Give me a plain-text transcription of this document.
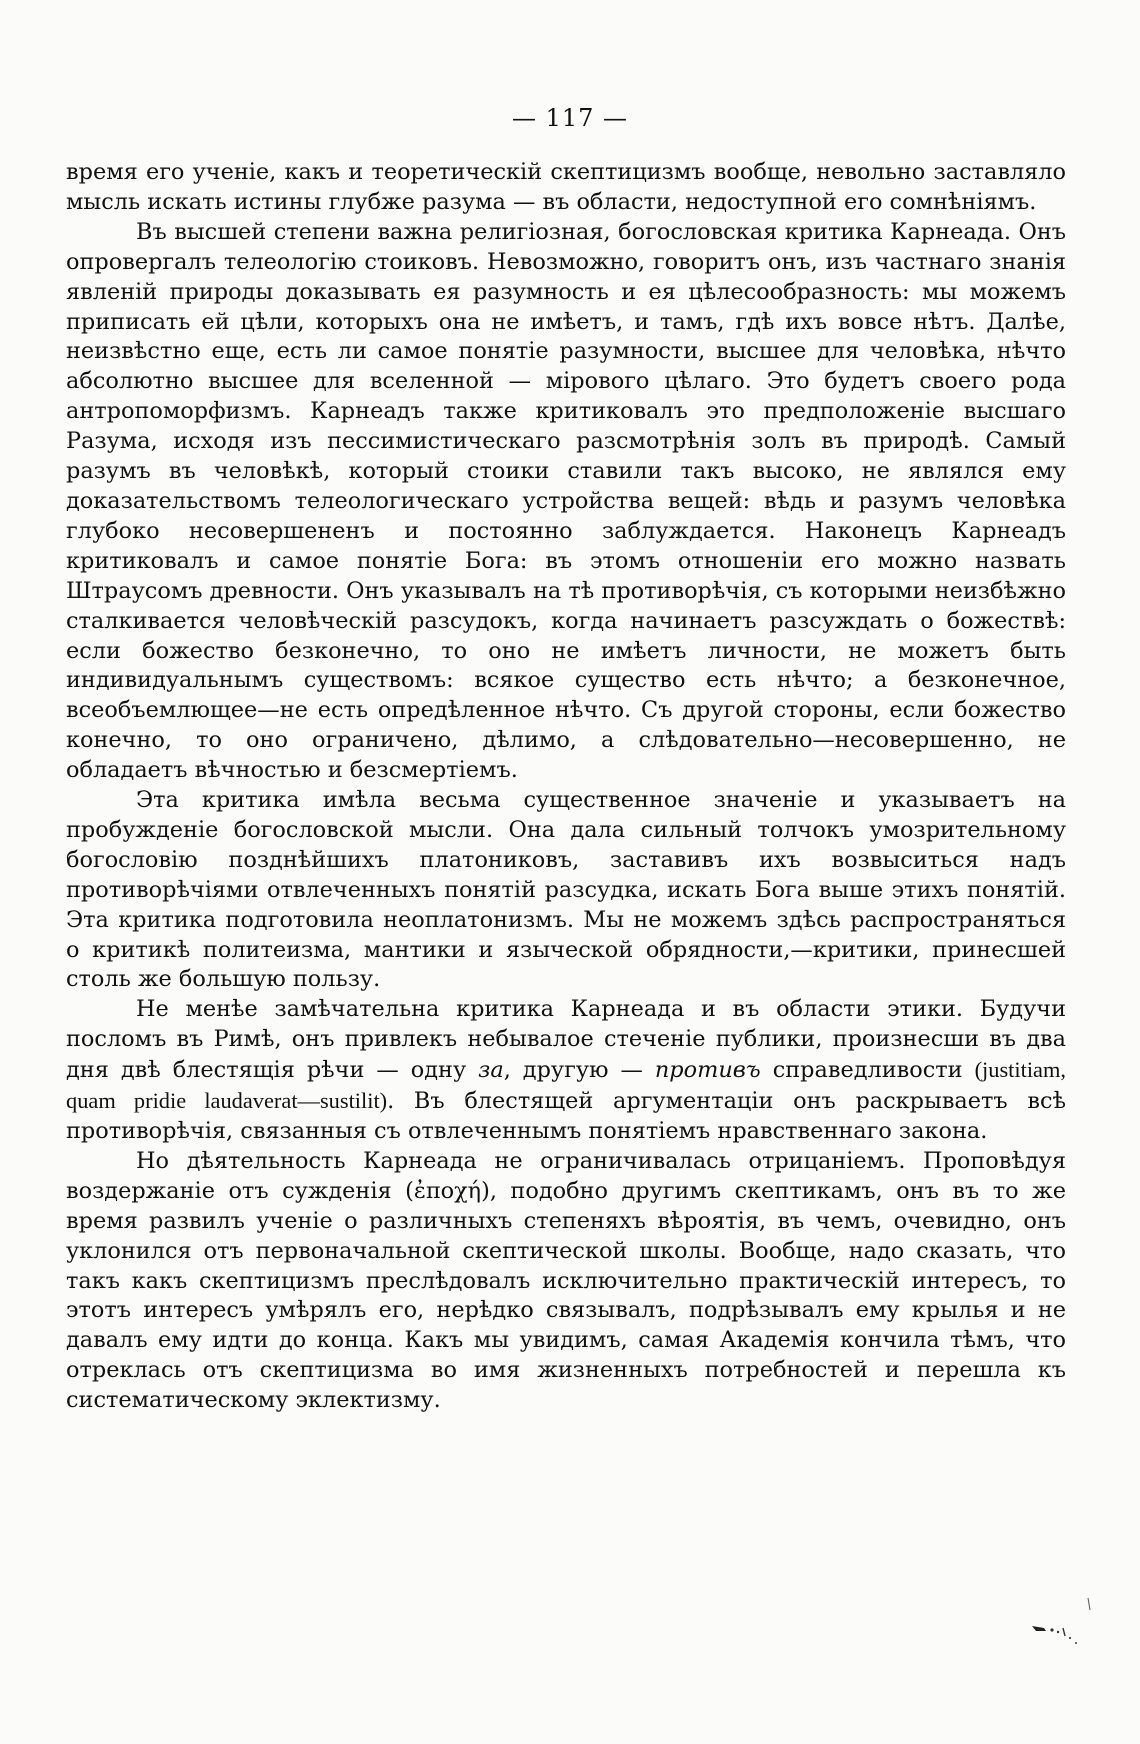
— 117 —

время его ученіе, какъ и теоретическій скептицизмъ вообще, невольно заставляло мысль искать истины глубже разума — въ области, недоступной его сомнѣніямъ.

Въ высшей степени важна религіозная, богословская критика Карнеада. Онъ опровергалъ телеологію стоиковъ. Невозможно, говоритъ онъ, изъ частнаго знанія явленій природы доказывать ея разумность и ея цѣлесообразность: мы можемъ приписать ей цѣли, которыхъ она не имѣетъ, и тамъ, гдѣ ихъ вовсе нѣтъ. Далѣе, неизвѣстно еще, есть ли самое понятіе разумности, высшее для человѣка, нѣчто абсолютно высшее для вселенной — мірового цѣлаго. Это будетъ своего рода антропоморфизмъ. Карнеадъ также критиковалъ это предположеніе высшаго Разума, исходя изъ пессимистическаго разсмотрѣнія золъ въ природѣ. Самый разумъ въ человѣкѣ, который стоики ставили такъ высоко, не являлся ему доказательствомъ телеологическаго устройства вещей: вѣдь и разумъ человѣка глубоко несовершененъ и постоянно заблуждается. Наконецъ Карнеадъ критиковалъ и самое понятіе Бога: въ этомъ отношеніи его можно назвать Штраусомъ древности. Онъ указывалъ на тѣ противорѣчія, съ которыми неизбѣжно сталкивается человѣческій разсудокъ, когда начинаетъ разсуждать о божествѣ: если божество безконечно, то оно не имѣетъ личности, не можетъ быть индивидуальнымъ существомъ: всякое существо есть нѣчто; а безконечное, всеобъемлющее—не есть опредѣленное нѣчто. Съ другой стороны, если божество конечно, то оно ограничено, дѣлимо, а слѣдовательно—несовершенно, не обладаетъ вѣчностью и безсмертіемъ.

Эта критика имѣла весьма существенное значеніе и указываетъ на пробужденіе богословской мысли. Она дала сильный толчокъ умозрительному богословію позднѣйшихъ платониковъ, заставивъ ихъ возвыситься надъ противорѣчіями отвлеченныхъ понятій разсудка, искать Бога выше этихъ понятій. Эта критика подготовила неоплатонизмъ. Мы не можемъ здѣсь распространяться о критикѣ политеизма, мантики и языческой обрядности,—критики, принесшей столь же большую пользу.

Не менѣе замѣчательна критика Карнеада и въ области этики. Будучи посломъ въ Римѣ, онъ привлекъ небывалое стеченіе публики, произнесши въ два дня двѣ блестящія рѣчи — одну за, другую — противъ справедливости (justitiam, quam pridie laudaverat—sustilit). Въ блестящей аргументаціи онъ раскрываетъ всѣ противорѣчія, связанныя съ отвлеченнымъ понятіемъ нравственнаго закона.

Но дѣятельность Карнеада не ограничивалась отрицаніемъ. Проповѣдуя воздержаніе отъ сужденія (ἐποχή), подобно другимъ скептикамъ, онъ въ то же время развилъ ученіе о различныхъ степеняхъ вѣроятія, въ чемъ, очевидно, онъ уклонился отъ первоначальной скептической школы. Вообще, надо сказать, что такъ какъ скептицизмъ преслѣдовалъ исключительно практическій интересъ, то этотъ интересъ умѣрялъ его, нерѣдко связывалъ, подрѣзывалъ ему крылья и не давалъ ему идти до конца. Какъ мы увидимъ, самая Академія кончила тѣмъ, что отреклась отъ скептицизма во имя жизненныхъ потребностей и перешла къ систематическому эклектизму.
